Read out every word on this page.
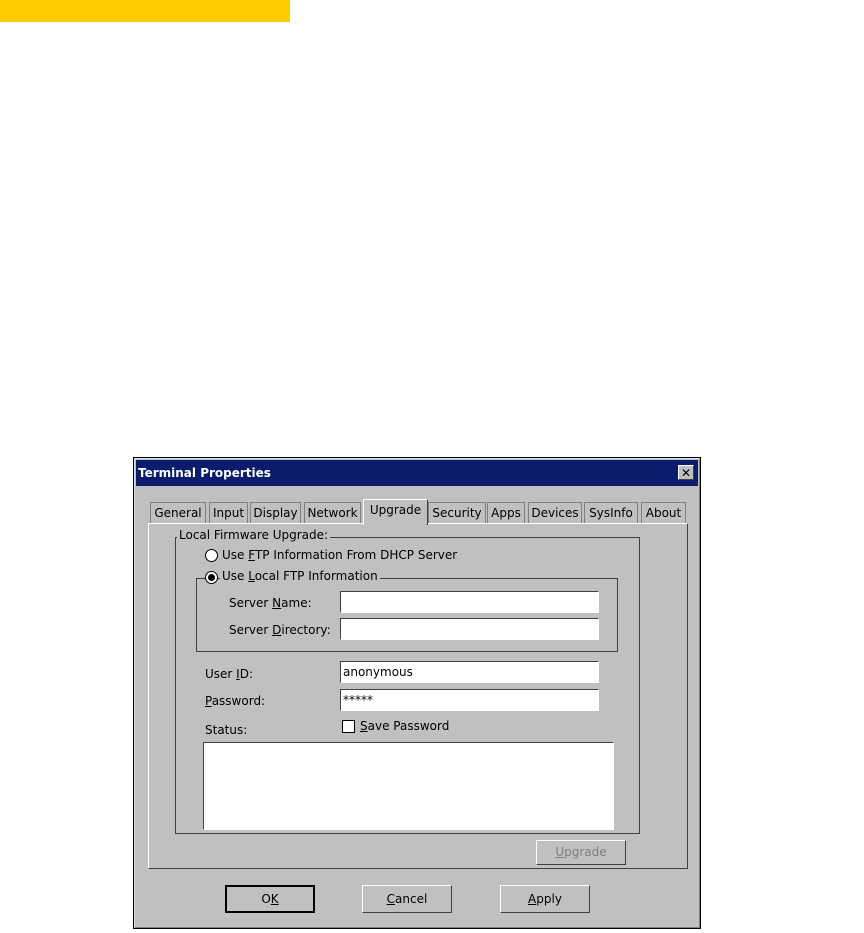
Terminal Properties	✕
General Input Display Network	Upgrade Security Apps Devices SysInfo	About
Local Firmware Upgrade:
Use FTP Information From DHCP Server
Use Local FTP Information
Server Name:
Server Directory:
User ID:
anonymous
Password:
*****
Save Password
Status:
Upgrade
OK	Cancel	Apply
